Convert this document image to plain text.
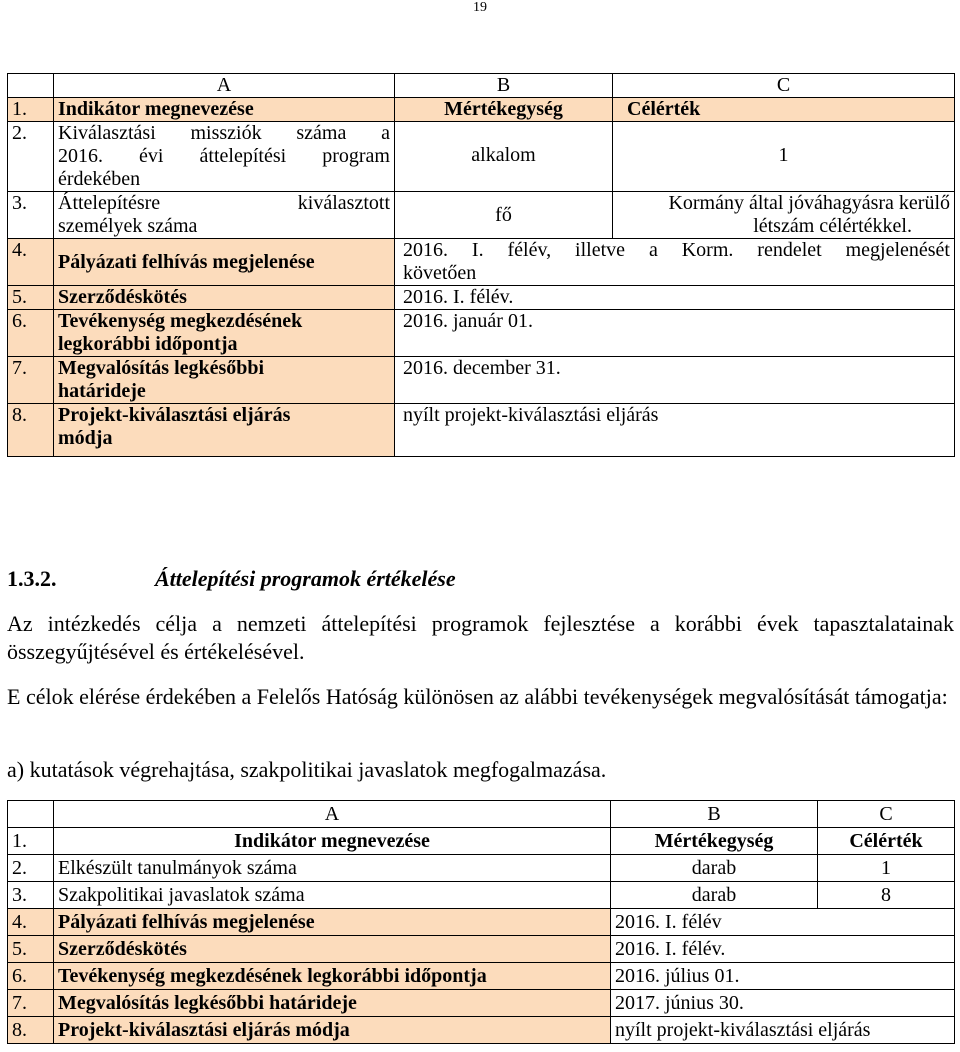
19
	A	B	C
1.	Indikátor megnevezése	Mértékegység	Célérték
2.	Kiválasztási missziók száma a
2016. évi áttelepítési program
érdekében	alkalom	1
3.	Áttelepítésre kiválasztott
személyek száma	fő	Kormány által jóváhagyásra kerülő
létszám célértékkel.

4.	Pályázati felhívás megjelenése	2016. I. félév, illetve a Korm. rendelet megjelenését
követően	

5.	Szerződéskötés	2016. I. félév.	
6.	Tevékenység megkezdésének
legkorábbi időpontja	2016. január 01.	
7.	Megvalósítás legkésőbbi
határideje	2016. december 31.	
8.	Projekt-kiválasztási eljárás
módja	nyílt projekt-kiválasztási eljárás	
1.3.2.	Áttelepítési programok értékelése
Az intézkedés célja a nemzeti áttelepítési programok fejlesztése a korábbi évek tapasztalatainak összegyűjtésével és értékelésével.
E célok elérése érdekében a Felelős Hatóság különösen az alábbi tevékenységek megvalósítását támogatja:
a) kutatások végrehajtása, szakpolitikai javaslatok megfogalmazása.
	A	B	C
1.	Indikátor megnevezése	Mértékegység	Célérték
2.	Elkészült tanulmányok száma	darab	1
3.	Szakpolitikai javaslatok száma	darab	8
4.	Pályázati felhívás megjelenése	2016. I. félév	
5.	Szerződéskötés	2016. I. félév.	
6.	Tevékenység megkezdésének legkorábbi időpontja	2016. július 01.	
7.	Megvalósítás legkésőbbi határideje	2017. június 30.	
8.	Projekt-kiválasztási eljárás módja	nyílt projekt-kiválasztási eljárás	
